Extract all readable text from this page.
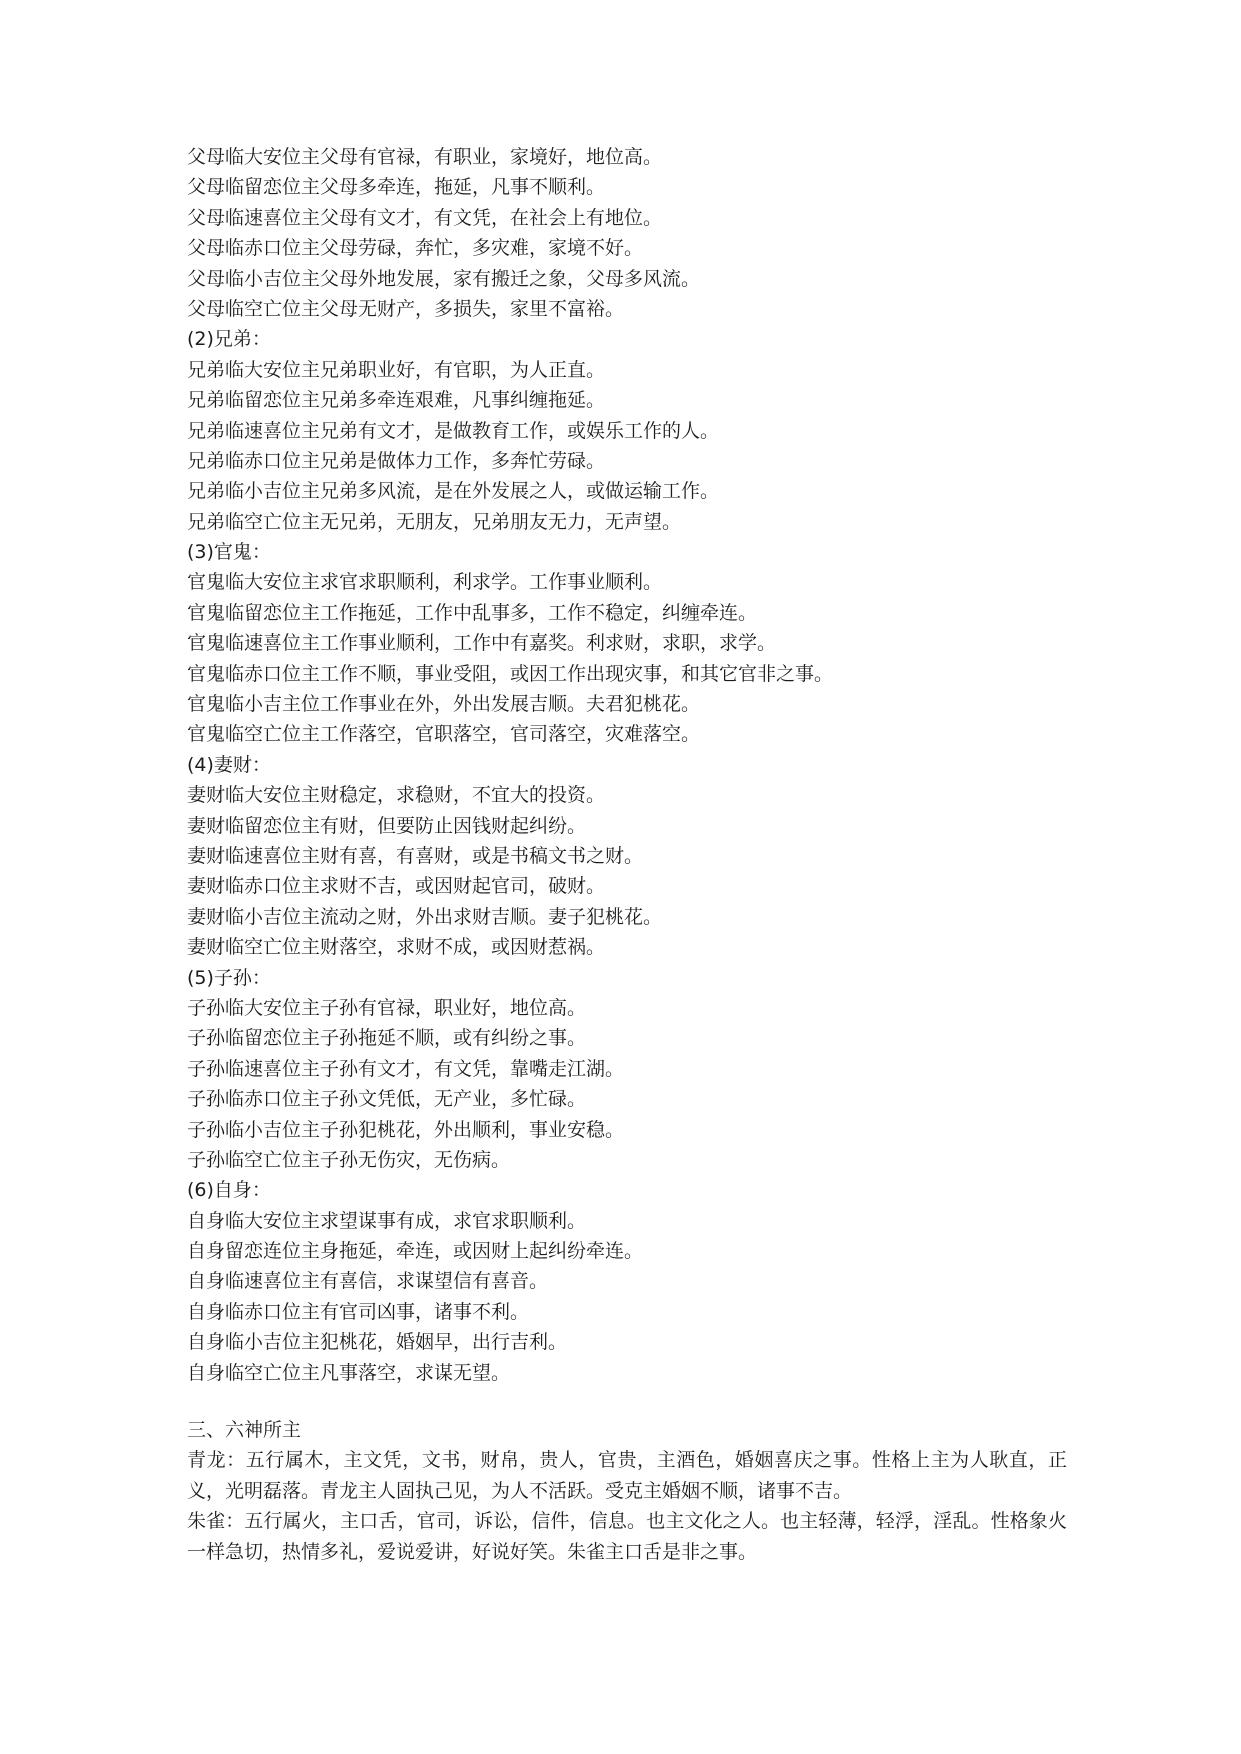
父母临大安位主父母有官禄，有职业，家境好，地位高。
父母临留恋位主父母多牵连，拖延，凡事不顺利。
父母临速喜位主父母有文才，有文凭，在社会上有地位。
父母临赤口位主父母劳碌，奔忙，多灾难，家境不好。
父母临小吉位主父母外地发展，家有搬迁之象，父母多风流。
父母临空亡位主父母无财产，多损失，家里不富裕。
(2)兄弟：
兄弟临大安位主兄弟职业好，有官职，为人正直。
兄弟临留恋位主兄弟多牵连艰难，凡事纠缠拖延。
兄弟临速喜位主兄弟有文才，是做教育工作，或娱乐工作的人。
兄弟临赤口位主兄弟是做体力工作，多奔忙劳碌。
兄弟临小吉位主兄弟多风流，是在外发展之人，或做运输工作。
兄弟临空亡位主无兄弟，无朋友，兄弟朋友无力，无声望。
(3)官鬼：
官鬼临大安位主求官求职顺利，利求学。工作事业顺利。
官鬼临留恋位主工作拖延，工作中乱事多，工作不稳定，纠缠牵连。
官鬼临速喜位主工作事业顺利，工作中有嘉奖。利求财，求职，求学。
官鬼临赤口位主工作不顺，事业受阻，或因工作出现灾事，和其它官非之事。
官鬼临小吉主位工作事业在外，外出发展吉顺。夫君犯桃花。
官鬼临空亡位主工作落空，官职落空，官司落空，灾难落空。
(4)妻财：
妻财临大安位主财稳定，求稳财，不宜大的投资。
妻财临留恋位主有财，但要防止因钱财起纠纷。
妻财临速喜位主财有喜，有喜财，或是书稿文书之财。
妻财临赤口位主求财不吉，或因财起官司，破财。
妻财临小吉位主流动之财，外出求财吉顺。妻子犯桃花。
妻财临空亡位主财落空，求财不成，或因财惹祸。
(5)子孙：
子孙临大安位主子孙有官禄，职业好，地位高。
子孙临留恋位主子孙拖延不顺，或有纠纷之事。
子孙临速喜位主子孙有文才，有文凭，靠嘴走江湖。
子孙临赤口位主子孙文凭低，无产业，多忙碌。
子孙临小吉位主子孙犯桃花，外出顺利，事业安稳。
子孙临空亡位主子孙无伤灾，无伤病。
(6)自身：
自身临大安位主求望谋事有成，求官求职顺利。
自身留恋连位主身拖延，牵连，或因财上起纠纷牵连。
自身临速喜位主有喜信，求谋望信有喜音。
自身临赤口位主有官司凶事，诸事不利。
自身临小吉位主犯桃花，婚姻早，出行吉利。
自身临空亡位主凡事落空，求谋无望。
三、六神所主
青龙：五行属木，主文凭，文书，财帛，贵人，官贵，主酒色，婚姻喜庆之事。性格上主为人耿直，正义，光明磊落。青龙主人固执己见，为人不活跃。受克主婚姻不顺，诸事不吉。
朱雀：五行属火，主口舌，官司，诉讼，信件，信息。也主文化之人。也主轻薄，轻浮，淫乱。性格象火一样急切，热情多礼，爱说爱讲，好说好笑。朱雀主口舌是非之事。
